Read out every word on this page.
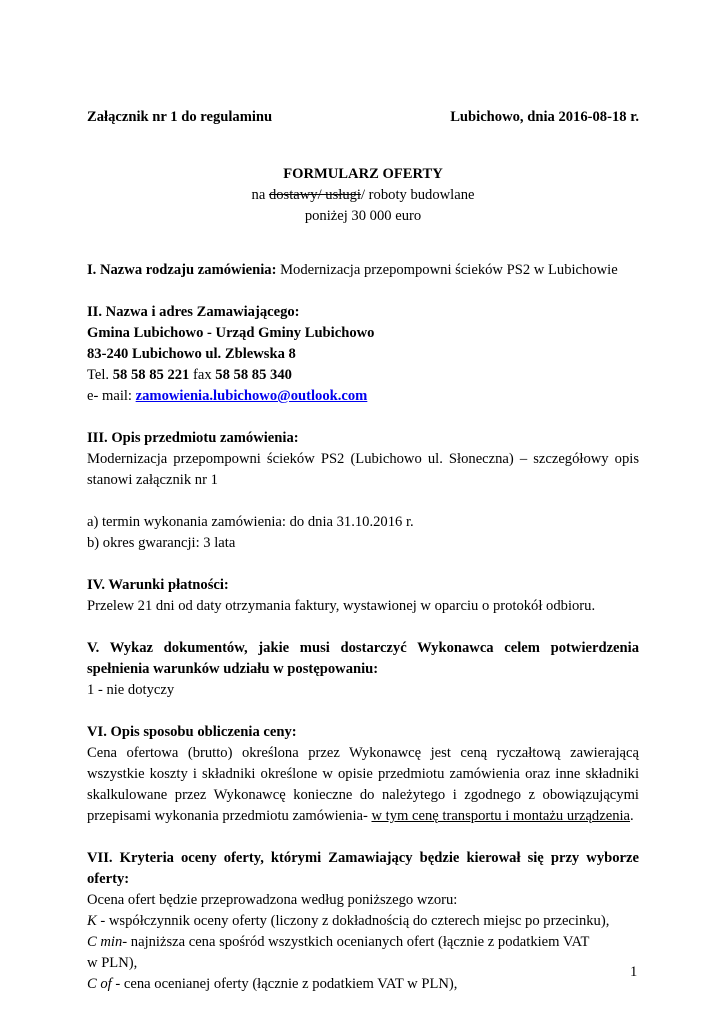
Załącznik nr 1 do regulaminu	Lubichowo, dnia 2016-08-18 r.

FORMULARZ OFERTY

na dostawy/ usługi/ roboty budowlane

poniżej 30 000 euro

I. Nazwa rodzaju zamówienia: Modernizacja przepompowni ścieków PS2 w Lubichowie

II. Nazwa i adres Zamawiającego:

Gmina Lubichowo - Urząd Gminy Lubichowo

83-240 Lubichowo ul. Zblewska 8

Tel. 58 58 85 221 fax 58 58 85 340

e- mail: zamowienia.lubichowo@outlook.com

III. Opis przedmiotu zamówienia:

Modernizacja przepompowni ścieków PS2 (Lubichowo ul. Słoneczna) – szczegółowy opis

stanowi załącznik nr 1

a) termin wykonania zamówienia: do dnia 31.10.2016 r.

b) okres gwarancji: 3 lata

IV. Warunki płatności:

Przelew 21 dni od daty otrzymania faktury, wystawionej w oparciu o protokół odbioru.

V. Wykaz dokumentów, jakie musi dostarczyć Wykonawca celem potwierdzenia

spełnienia warunków udziału w postępowaniu:

1 - nie dotyczy

VI. Opis sposobu obliczenia ceny:

Cena ofertowa (brutto) określona przez Wykonawcę jest ceną ryczałtową zawierającą

wszystkie koszty i składniki określone w opisie przedmiotu zamówienia oraz inne składniki

skalkulowane przez Wykonawcę konieczne do należytego i zgodnego z obowiązującymi

przepisami wykonania przedmiotu zamówienia- w tym cenę transportu i montażu urządzenia.

VII. Kryteria oceny oferty, którymi Zamawiający będzie kierował się przy wyborze

oferty:

Ocena ofert będzie przeprowadzona według poniższego wzoru:

K - współczynnik oceny oferty (liczony z dokładnością do czterech miejsc po przecinku),

C min- najniższa cena spośród wszystkich ocenianych ofert (łącznie z podatkiem VAT

w PLN),

C of - cena ocenianej oferty (łącznie z podatkiem VAT w PLN),

1
